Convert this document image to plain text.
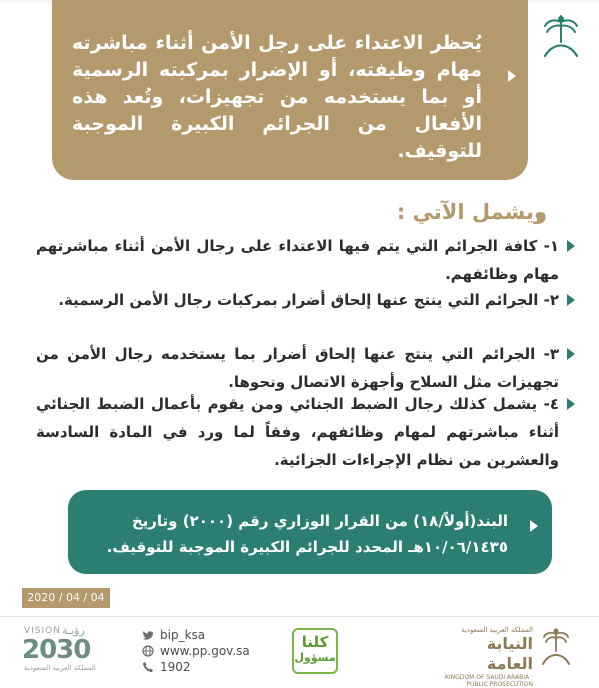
يُحظر الاعتداء على رجل الأمن أثناء مباشرته مهام وظيفته، أو الإضرار بمركبته الرسمية أو بما يستخدمه من تجهيزات، وتُعد هذه الأفعال من الجرائم الكبيرة الموجبة للتوقيف.
ويشمل الآتي :
١- كافة الجرائم التي يتم فيها الاعتداء على رجال الأمن أثناء مباشرتهم مهام وظائفهم.
٢- الجرائم التي ينتج عنها إلحاق أضرار بمركبات رجال الأمن الرسمية.
٣- الجرائم التي ينتج عنها إلحاق أضرار بما يستخدمه رجال الأمن من تجهيزات مثل السلاح وأجهزة الاتصال ونحوها.
٤- يشمل كذلك رجال الضبط الجنائي ومن يقوم بأعمال الضبط الجنائي أثناء مباشرتهم لمهام وظائفهم، وفقاً لما ورد في المادة السادسة والعشرين من نظام الإجراءات الجزائية.
البند(أولاً/١٨) من القرار الوزاري رقم (٢٠٠٠) وتاريخ ١٠/٠٦/١٤٣٥هـ المحدد للجرائم الكبيرة الموجبة للتوقيف.
2020 / 04 / 04
VISION رؤيـة
2030
المملكة العربية السعودية
bip_ksa
www.pp.gov.sa
1902
كلنا
مسؤول
المملكة العربية السعودية
النيابة العامة
KINGDOM OF SAUDI ARABIA · PUBLIC PROSECUTION
